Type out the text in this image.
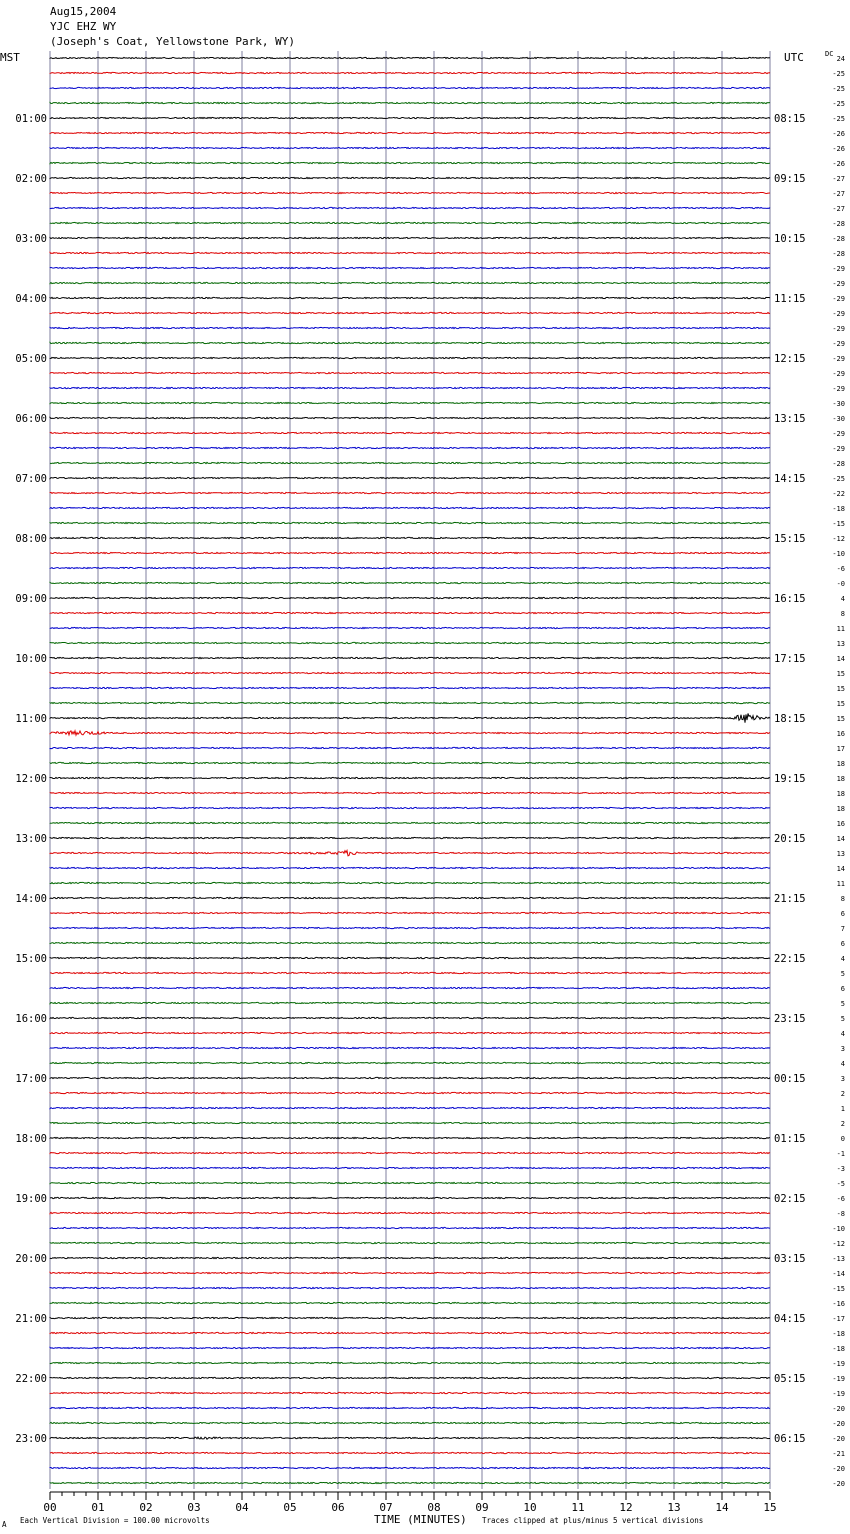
Aug15,2004
YJC EHZ WY
(Joseph's Coat, Yellowstone Park, WY)
MST	UTC	DC
01:00
02:00
03:00
04:00
05:00
06:00
07:00
08:00
09:00
10:00
11:00
12:00
13:00
14:00
15:00
16:00
17:00
18:00
19:00
20:00
21:00
22:00
23:00
08:15
09:15
10:15
11:15
12:15
13:15
14:15
15:15
16:15
17:15
18:15
19:15
20:15
21:15
22:15
23:15
00:15
01:15
02:15
03:15
04:15
05:15
06:15
24
-25
-25
-25
-25
-26
-26
-26
-27
-27
-27
-28
-28
-28
-29
-29
-29
-29
-29
-29
-29
-29
-29
-30
-30
-29
-29
-28
-25
-22
-18
-15
-12
-10
-6
-0
4
8
11
13
14
15
15
15
15
16
17
18
18
18
18
16
14
13
14
11
8
6
7
6
4
5
6
5
5
4
3
4
3
2
1
2
0
-1
-3
-5
-6
-8
-10
-12
-13
-14
-15
-16
-17
-18
-18
-19
-19
-19
-20
-20
-20
-21
-20
-20
00	01	02	03	04	05	06	07	08	09	10	11	12	13	14	15
A Each Vertical Division = 100.00 microvolts	TIME (MINUTES) Traces clipped at plus/minus 5 vertical divisions
